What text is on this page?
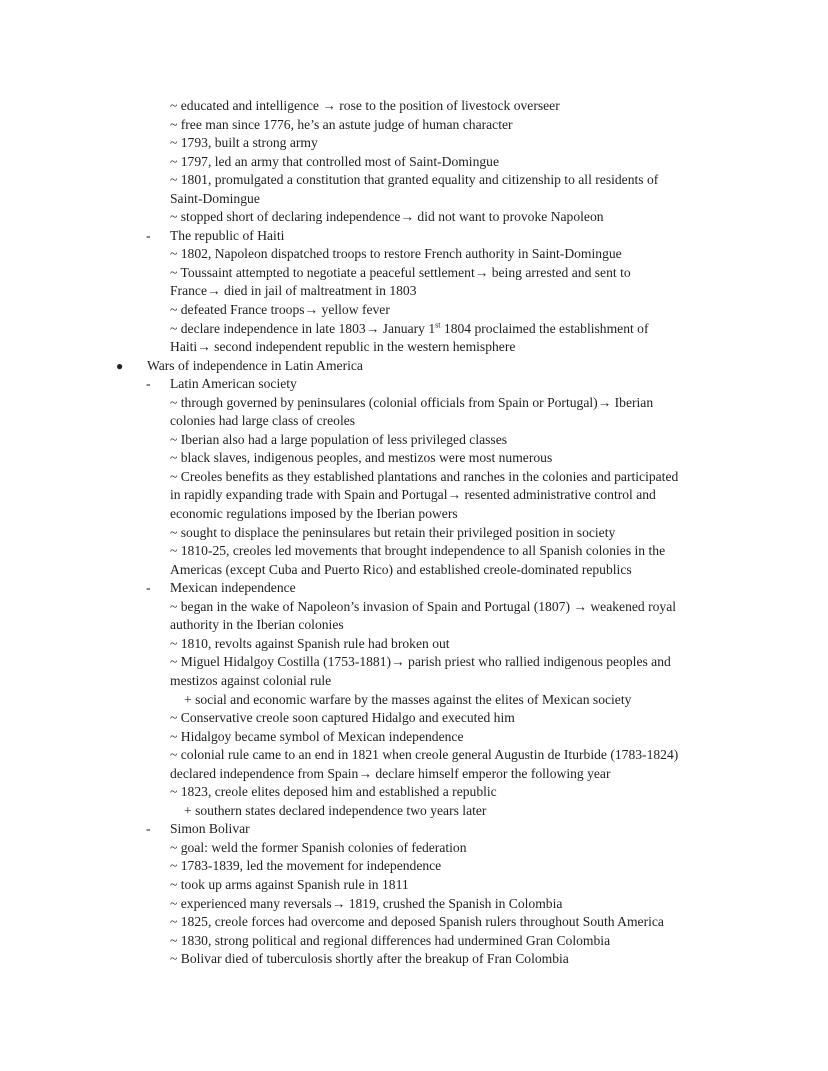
~ educated and intelligence → rose to the position of livestock overseer
~ free man since 1776, he’s an astute judge of human character
~ 1793, built a strong army
~ 1797, led an army that controlled most of Saint-Domingue
~ 1801, promulgated a constitution that granted equality and citizenship to all residents of
Saint-Domingue
~ stopped short of declaring independence→ did not want to provoke Napoleon
- The republic of Haiti
~ 1802, Napoleon dispatched troops to restore French authority in Saint-Domingue
~ Toussaint attempted to negotiate a peaceful settlement→ being arrested and sent to
France→ died in jail of maltreatment in 1803
~ defeated France troops→ yellow fever
~ declare independence in late 1803→ January 1st 1804 proclaimed the establishment of
Haiti→ second independent republic in the western hemisphere
● Wars of independence in Latin America
- Latin American society
~ through governed by peninsulares (colonial officials from Spain or Portugal)→ Iberian
colonies had large class of creoles
~ Iberian also had a large population of less privileged classes
~ black slaves, indigenous peoples, and mestizos were most numerous
~ Creoles benefits as they established plantations and ranches in the colonies and participated
in rapidly expanding trade with Spain and Portugal→ resented administrative control and
economic regulations imposed by the Iberian powers
~ sought to displace the peninsulares but retain their privileged position in society
~ 1810-25, creoles led movements that brought independence to all Spanish colonies in the
Americas (except Cuba and Puerto Rico) and established creole-dominated republics
- Mexican independence
~ began in the wake of Napoleon’s invasion of Spain and Portugal (1807) → weakened royal
authority in the Iberian colonies
~ 1810, revolts against Spanish rule had broken out
~ Miguel Hidalgoy Costilla (1753-1881)→ parish priest who rallied indigenous peoples and
mestizos against colonial rule
+ social and economic warfare by the masses against the elites of Mexican society
~ Conservative creole soon captured Hidalgo and executed him
~ Hidalgoy became symbol of Mexican independence
~ colonial rule came to an end in 1821 when creole general Augustin de Iturbide (1783-1824)
declared independence from Spain→ declare himself emperor the following year
~ 1823, creole elites deposed him and established a republic
+ southern states declared independence two years later
- Simon Bolivar
~ goal: weld the former Spanish colonies of federation
~ 1783-1839, led the movement for independence
~ took up arms against Spanish rule in 1811
~ experienced many reversals→ 1819, crushed the Spanish in Colombia
~ 1825, creole forces had overcome and deposed Spanish rulers throughout South America
~ 1830, strong political and regional differences had undermined Gran Colombia
~ Bolivar died of tuberculosis shortly after the breakup of Fran Colombia
